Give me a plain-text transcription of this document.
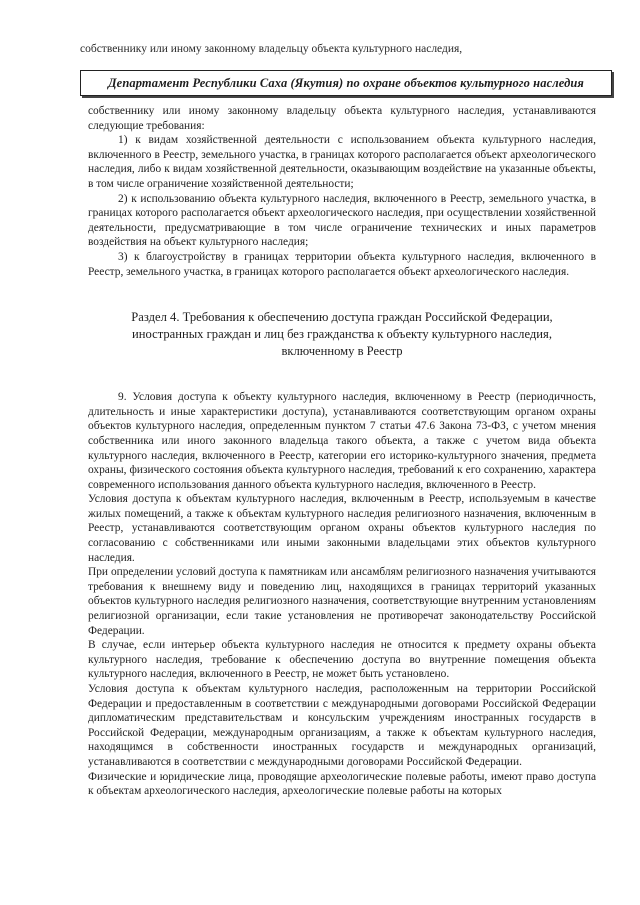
собственнику или иному законному владельцу объекта культурного наследия,
Департамент Республики Саха (Якутия) по охране объектов культурного наследия

собственнику или иному законному владельцу объекта культурного наследия, устанавливаются следующие требования:

1) к видам хозяйственной деятельности с использованием объекта культурного наследия, включенного в Реестр, земельного участка, в границах которого располагается объект археологического наследия, либо к видам хозяйственной деятельности, оказывающим воздействие на указанные объекты, в том числе ограничение хозяйственной деятельности;

2) к использованию объекта культурного наследия, включенного в Реестр, земельного участка, в границах которого располагается объект археологического наследия, при осуществлении хозяйственной деятельности, предусматривающие в том числе ограничение технических и иных параметров воздействия на объект культурного наследия;

3) к благоустройству в границах территории объекта культурного наследия, включенного в Реестр, земельного участка, в границах которого располагается объект археологического наследия.

Раздел 4. Требования к обеспечению доступа граждан Российской Федерации, иностранных граждан и лиц без гражданства к объекту культурного наследия, включенному в Реестр

9. Условия доступа к объекту культурного наследия, включенному в Реестр (периодичность, длительность и иные характеристики доступа), устанавливаются соответствующим органом охраны объектов культурного наследия, определенным пунктом 7 статьи 47.6 Закона 73-ФЗ, с учетом мнения собственника или иного законного владельца такого объекта, а также с учетом вида объекта культурного наследия, включенного в Реестр, категории его историко-культурного значения, предмета охраны, физического состояния объекта культурного наследия, требований к его сохранению, характера современного использования данного объекта культурного наследия, включенного в Реестр.

Условия доступа к объектам культурного наследия, включенным в Реестр, используемым в качестве жилых помещений, а также к объектам культурного наследия религиозного назначения, включенным в Реестр, устанавливаются соответствующим органом охраны объектов культурного наследия по согласованию с собственниками или иными законными владельцами этих объектов культурного наследия.

При определении условий доступа к памятникам или ансамблям религиозного назначения учитываются требования к внешнему виду и поведению лиц, находящихся в границах территорий указанных объектов культурного наследия религиозного назначения, соответствующие внутренним установлениям религиозной организации, если такие установления не противоречат законодательству Российской Федерации.

В случае, если интерьер объекта культурного наследия не относится к предмету охраны объекта культурного наследия, требование к обеспечению доступа во внутренние помещения объекта культурного наследия, включенного в Реестр, не может быть установлено.

Условия доступа к объектам культурного наследия, расположенным на территории Российской Федерации и предоставленным в соответствии с международными договорами Российской Федерации дипломатическим представительствам и консульским учреждениям иностранных государств в Российской Федерации, международным организациям, а также к объектам культурного наследия, находящимся в собственности иностранных государств и международных организаций, устанавливаются в соответствии с международными договорами Российской Федерации.

Физические и юридические лица, проводящие археологические полевые работы, имеют право доступа к объектам археологического наследия, археологические полевые работы на которых
